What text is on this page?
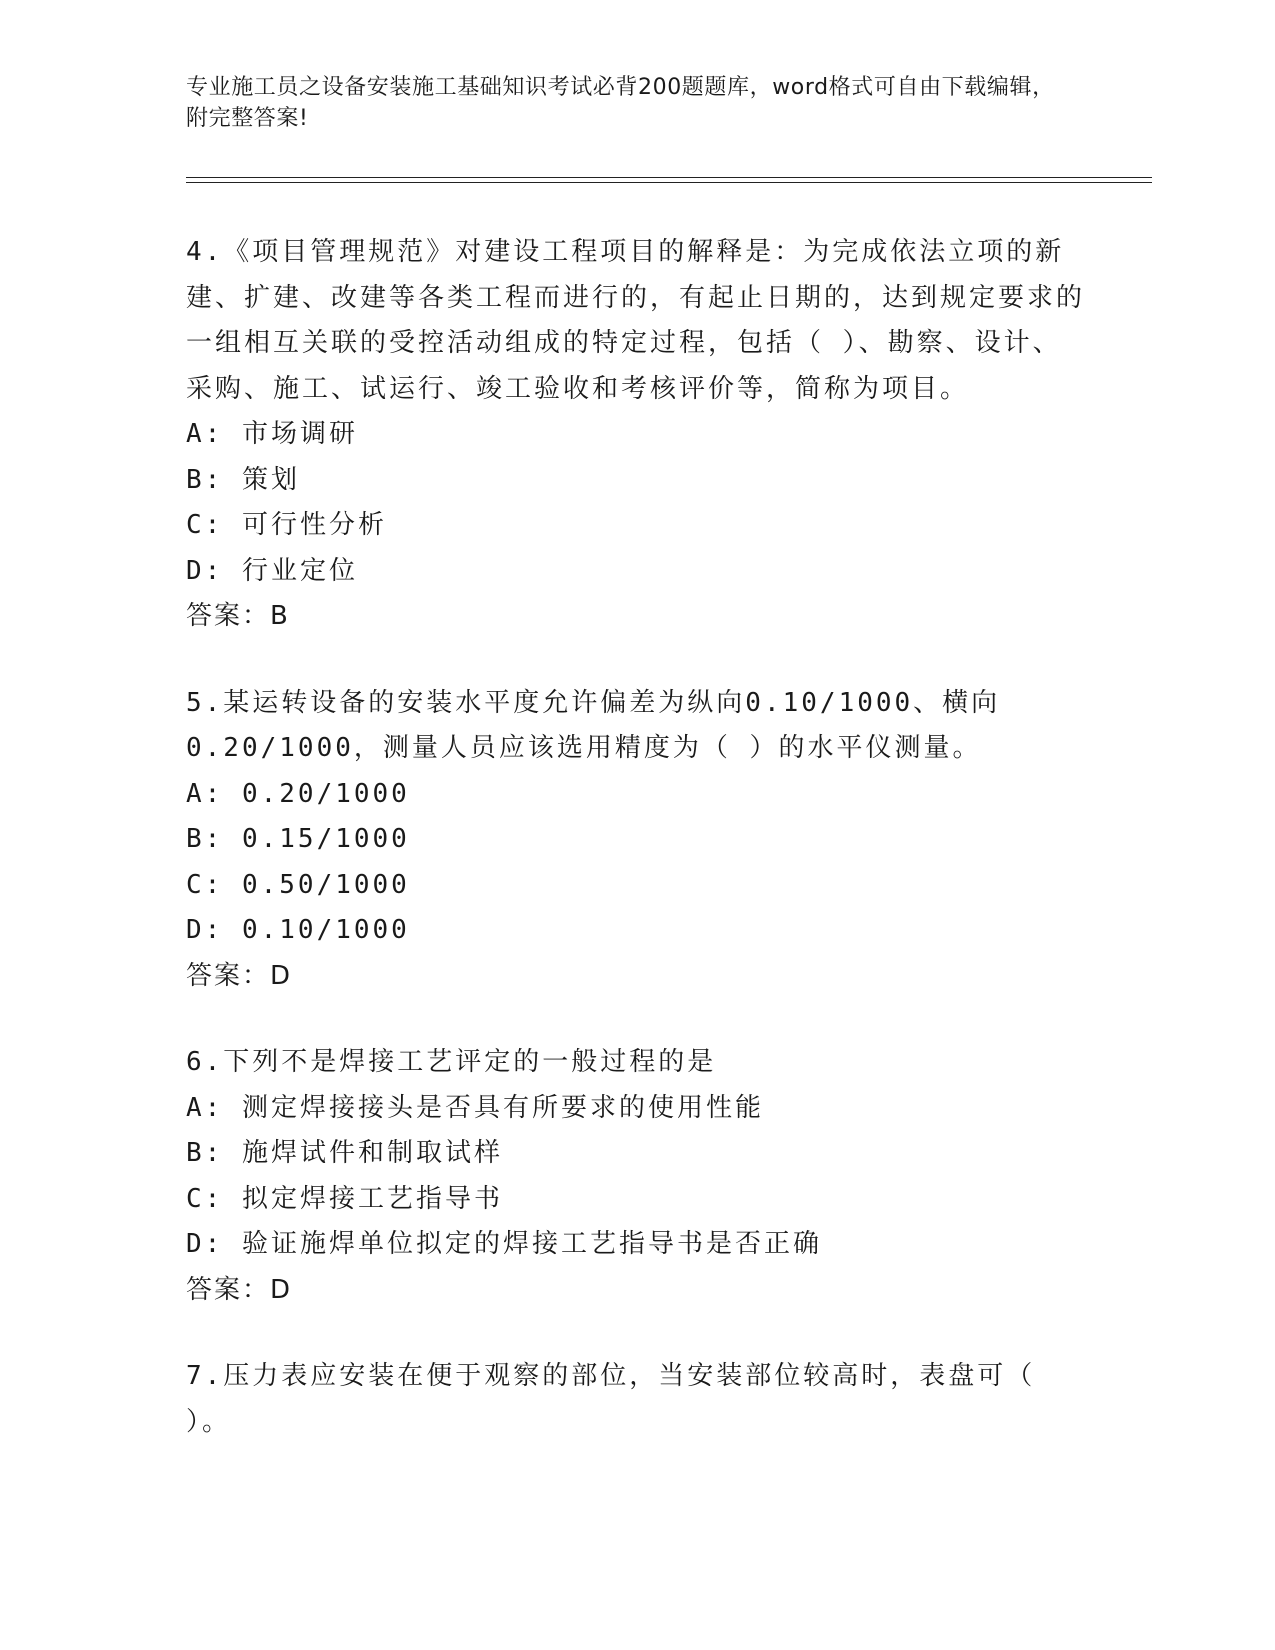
专业施工员之设备安装施工基础知识考试必背200题题库，word格式可自由下载编辑，附完整答案!

4.《项目管理规范》对建设工程项目的解释是：为完成依法立项的新建、扩建、改建等各类工程而进行的，有起止日期的，达到规定要求的一组相互关联的受控活动组成的特定过程，包括（ ）、勘察、设计、采购、施工、试运行、竣工验收和考核评价等，简称为项目。

A: 市场调研

B: 策划

C: 可行性分析

D: 行业定位

答案：B

5.某运转设备的安装水平度允许偏差为纵向0.10/1000、横向0.20/1000，测量人员应该选用精度为（ ）的水平仪测量。

A: 0.20/1000

B: 0.15/1000

C: 0.50/1000

D: 0.10/1000

答案：D

6.下列不是焊接工艺评定的一般过程的是

A: 测定焊接接头是否具有所要求的使用性能

B: 施焊试件和制取试样

C: 拟定焊接工艺指导书

D: 验证施焊单位拟定的焊接工艺指导书是否正确

答案：D

7.压力表应安装在便于观察的部位，当安装部位较高时，表盘可（ ）。
